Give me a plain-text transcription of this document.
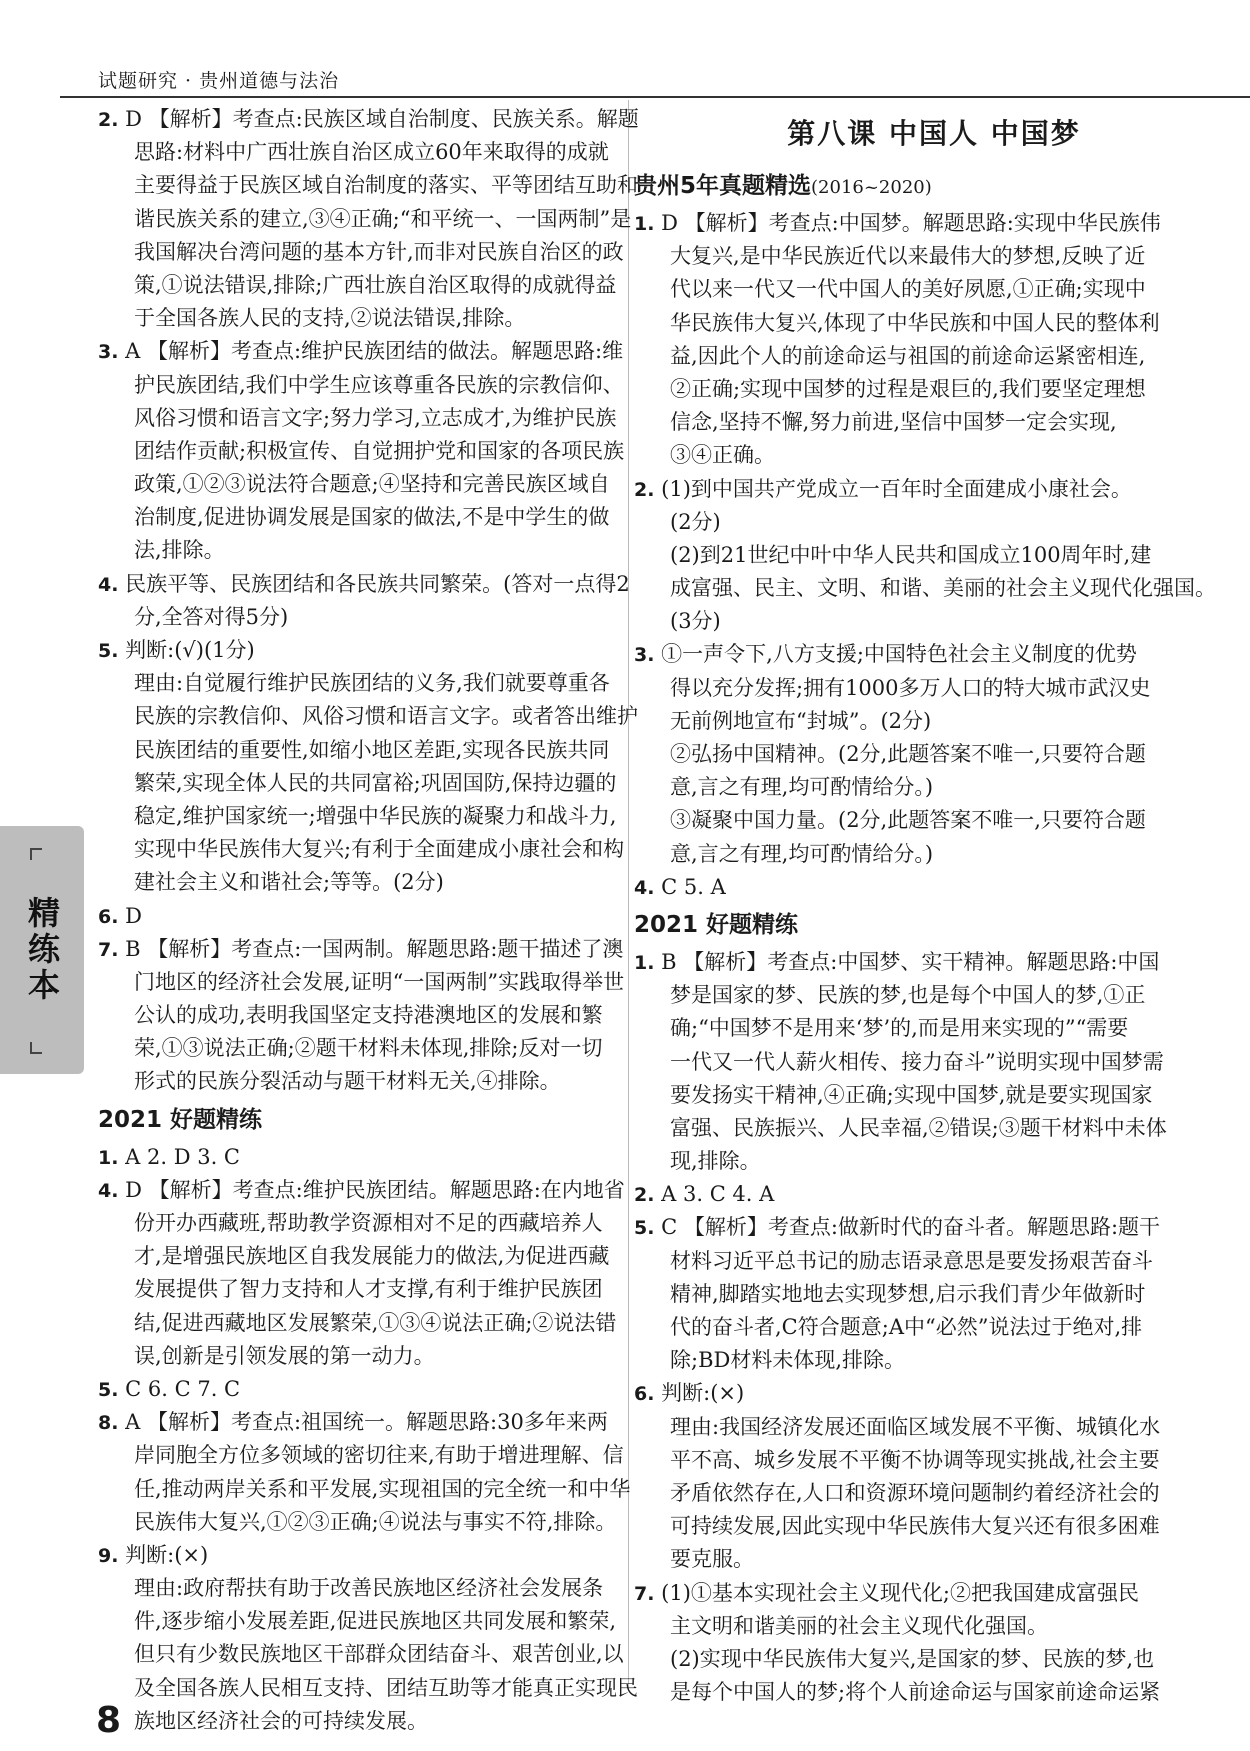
试题研究 · 贵州道德与法治
2. D 【解析】考查点:民族区域自治制度、民族关系。解题
思路:材料中广西壮族自治区成立60年来取得的成就
主要得益于民族区域自治制度的落实、平等团结互助和
谐民族关系的建立,③④正确;“和平统一、一国两制”是
我国解决台湾问题的基本方针,而非对民族自治区的政
策,①说法错误,排除;广西壮族自治区取得的成就得益
于全国各族人民的支持,②说法错误,排除。
3. A 【解析】考查点:维护民族团结的做法。解题思路:维
护民族团结,我们中学生应该尊重各民族的宗教信仰、
风俗习惯和语言文字;努力学习,立志成才,为维护民族
团结作贡献;积极宣传、自觉拥护党和国家的各项民族
政策,①②③说法符合题意;④坚持和完善民族区域自
治制度,促进协调发展是国家的做法,不是中学生的做
法,排除。
4. 民族平等、民族团结和各民族共同繁荣。(答对一点得2
分,全答对得5分)
5. 判断:(√)(1分)
理由:自觉履行维护民族团结的义务,我们就要尊重各
民族的宗教信仰、风俗习惯和语言文字。或者答出维护
民族团结的重要性,如缩小地区差距,实现各民族共同
繁荣,实现全体人民的共同富裕;巩固国防,保持边疆的
稳定,维护国家统一;增强中华民族的凝聚力和战斗力,
实现中华民族伟大复兴;有利于全面建成小康社会和构
建社会主义和谐社会;等等。(2分)
6. D
7. B 【解析】考查点:一国两制。解题思路:题干描述了澳
门地区的经济社会发展,证明“一国两制”实践取得举世
公认的成功,表明我国坚定支持港澳地区的发展和繁
荣,①③说法正确;②题干材料未体现,排除;反对一切
形式的民族分裂活动与题干材料无关,④排除。
2021 好题精练
1. A 2. D 3. C
4. D 【解析】考查点:维护民族团结。解题思路:在内地省
份开办西藏班,帮助教学资源相对不足的西藏培养人
才,是增强民族地区自我发展能力的做法,为促进西藏
发展提供了智力支持和人才支撑,有利于维护民族团
结,促进西藏地区发展繁荣,①③④说法正确;②说法错
误,创新是引领发展的第一动力。
5. C 6. C 7. C
8. A 【解析】考查点:祖国统一。解题思路:30多年来两
岸同胞全方位多领域的密切往来,有助于增进理解、信
任,推动两岸关系和平发展,实现祖国的完全统一和中华
民族伟大复兴,①②③正确;④说法与事实不符,排除。
9. 判断:(×)
理由:政府帮扶有助于改善民族地区经济社会发展条
件,逐步缩小发展差距,促进民族地区共同发展和繁荣,
但只有少数民族地区干部群众团结奋斗、艰苦创业,以
及全国各族人民相互支持、团结互助等才能真正实现民
族地区经济社会的可持续发展。
第八课 中国人 中国梦
贵州5年真题精选(2016~2020)
1. D 【解析】考查点:中国梦。解题思路:实现中华民族伟
大复兴,是中华民族近代以来最伟大的梦想,反映了近
代以来一代又一代中国人的美好夙愿,①正确;实现中
华民族伟大复兴,体现了中华民族和中国人民的整体利
益,因此个人的前途命运与祖国的前途命运紧密相连,
②正确;实现中国梦的过程是艰巨的,我们要坚定理想
信念,坚持不懈,努力前进,坚信中国梦一定会实现,
③④正确。
2. (1)到中国共产党成立一百年时全面建成小康社会。
(2分)
(2)到21世纪中叶中华人民共和国成立100周年时,建
成富强、民主、文明、和谐、美丽的社会主义现代化强国。
(3分)
3. ①一声令下,八方支援;中国特色社会主义制度的优势
得以充分发挥;拥有1000多万人口的特大城市武汉史
无前例地宣布“封城”。(2分)
②弘扬中国精神。(2分,此题答案不唯一,只要符合题
意,言之有理,均可酌情给分。)
③凝聚中国力量。(2分,此题答案不唯一,只要符合题
意,言之有理,均可酌情给分。)
4. C 5. A
2021 好题精练
1. B 【解析】考查点:中国梦、实干精神。解题思路:中国
梦是国家的梦、民族的梦,也是每个中国人的梦,①正
确;“中国梦不是用来‘梦’的,而是用来实现的”“需要
一代又一代人薪火相传、接力奋斗”说明实现中国梦需
要发扬实干精神,④正确;实现中国梦,就是要实现国家
富强、民族振兴、人民幸福,②错误;③题干材料中未体
现,排除。
2. A 3. C 4. A
5. C 【解析】考查点:做新时代的奋斗者。解题思路:题干
材料习近平总书记的励志语录意思是要发扬艰苦奋斗
精神,脚踏实地地去实现梦想,启示我们青少年做新时
代的奋斗者,C符合题意;A中“必然”说法过于绝对,排
除;BD材料未体现,排除。
6. 判断:(×)
理由:我国经济发展还面临区域发展不平衡、城镇化水
平不高、城乡发展不平衡不协调等现实挑战,社会主要
矛盾依然存在,人口和资源环境问题制约着经济社会的
可持续发展,因此实现中华民族伟大复兴还有很多困难
要克服。
7. (1)①基本实现社会主义现代化;②把我国建成富强民
主文明和谐美丽的社会主义现代化强国。
(2)实现中华民族伟大复兴,是国家的梦、民族的梦,也
是每个中国人的梦;将个人前途命运与国家前途命运紧
精练本
8
